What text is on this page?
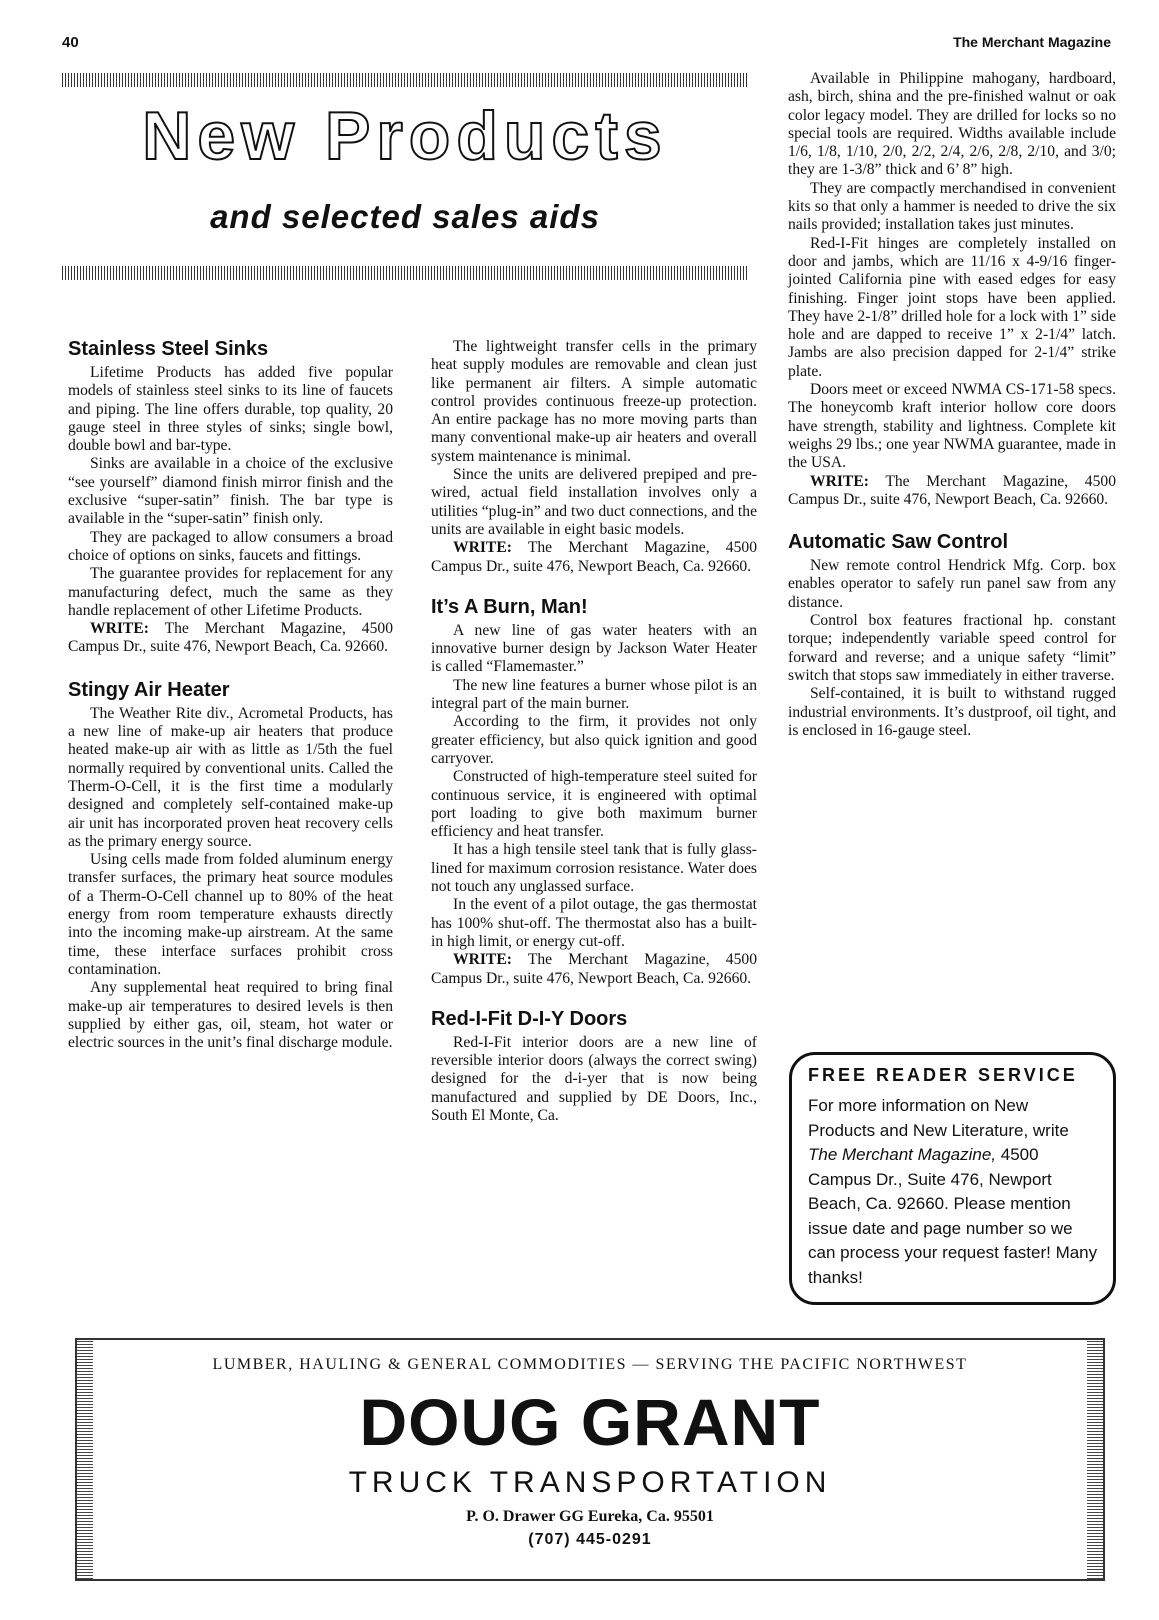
40	The Merchant Magazine
New Products
and selected sales aids
Stainless Steel Sinks

Lifetime Products has added five popular models of stainless steel sinks to its line of faucets and piping. The line offers durable, top quality, 20 gauge steel in three styles of sinks; single bowl, double bowl and bar-type.

Sinks are available in a choice of the exclusive “see yourself” diamond finish mirror finish and the exclusive “super-satin” finish. The bar type is available in the “super-satin” finish only.

They are packaged to allow consumers a broad choice of options on sinks, faucets and fittings.

The guarantee provides for replacement for any manufacturing defect, much the same as they handle replacement of other Lifetime Products.

WRITE: The Merchant Magazine, 4500 Campus Dr., suite 476, Newport Beach, Ca. 92660.

Stingy Air Heater

The Weather Rite div., Acrometal Products, has a new line of make-up air heaters that produce heated make-up air with as little as 1/5th the fuel normally required by conventional units. Called the Therm-O-Cell, it is the first time a modularly designed and completely self-contained make-up air unit has incorporated proven heat recovery cells as the primary energy source.

Using cells made from folded aluminum energy transfer surfaces, the primary heat source modules of a Therm-O-Cell channel up to 80% of the heat energy from room temperature exhausts directly into the incoming make-up airstream. At the same time, these interface surfaces prohibit cross contamination.

Any supplemental heat required to bring final make-up air temperatures to desired levels is then supplied by either gas, oil, steam, hot water or electric sources in the unit’s final discharge module.

The lightweight transfer cells in the primary heat supply modules are removable and clean just like permanent air filters. A simple automatic control provides continuous freeze-up protection. An entire package has no more moving parts than many conventional make-up air heaters and overall system maintenance is minimal.

Since the units are delivered prepiped and pre-wired, actual field installation involves only a utilities “plug-in” and two duct connections, and the units are available in eight basic models.

WRITE: The Merchant Magazine, 4500 Campus Dr., suite 476, Newport Beach, Ca. 92660.

It’s A Burn, Man!

A new line of gas water heaters with an innovative burner design by Jackson Water Heater is called “Flamemaster.”

The new line features a burner whose pilot is an integral part of the main burner.

According to the firm, it provides not only greater efficiency, but also quick ignition and good carryover.

Constructed of high-temperature steel suited for continuous service, it is engineered with optimal port loading to give both maximum burner efficiency and heat transfer.

It has a high tensile steel tank that is fully glass-lined for maximum corrosion resistance. Water does not touch any unglassed surface.

In the event of a pilot outage, the gas thermostat has 100% shut-off. The thermostat also has a built-in high limit, or energy cut-off.

WRITE: The Merchant Magazine, 4500 Campus Dr., suite 476, Newport Beach, Ca. 92660.

Red-I-Fit D-I-Y Doors

Red-I-Fit interior doors are a new line of reversible interior doors (always the correct swing) designed for the d-i-yer that is now being manufactured and supplied by DE Doors, Inc., South El Monte, Ca.

Available in Philippine mahogany, hardboard, ash, birch, shina and the pre-finished walnut or oak color legacy model. They are drilled for locks so no special tools are required. Widths available include 1/6, 1/8, 1/10, 2/0, 2/2, 2/4, 2/6, 2/8, 2/10, and 3/0; they are 1-3/8” thick and 6’ 8” high.

They are compactly merchandised in convenient kits so that only a hammer is needed to drive the six nails provided; installation takes just minutes.

Red-I-Fit hinges are completely installed on door and jambs, which are 11/16 x 4-9/16 finger-jointed California pine with eased edges for easy finishing. Finger joint stops have been applied. They have 2-1/8” drilled hole for a lock with 1” side hole and are dapped to receive 1” x 2-1/4” latch. Jambs are also precision dapped for 2-1/4” strike plate.

Doors meet or exceed NWMA CS-171-58 specs. The honeycomb kraft interior hollow core doors have strength, stability and lightness. Complete kit weighs 29 lbs.; one year NWMA guarantee, made in the USA.

WRITE: The Merchant Magazine, 4500 Campus Dr., suite 476, Newport Beach, Ca. 92660.

Automatic Saw Control

New remote control Hendrick Mfg. Corp. box enables operator to safely run panel saw from any distance.

Control box features fractional hp. constant torque; independently variable speed control for forward and reverse; and a unique safety “limit” switch that stops saw immediately in either traverse.

Self-contained, it is built to withstand rugged industrial environments. It’s dustproof, oil tight, and is enclosed in 16-gauge steel.

FREE READER SERVICE
For more information on New Products and New Literature, write The Merchant Magazine, 4500 Campus Dr., Suite 476, Newport Beach, Ca. 92660. Please mention issue date and page number so we can process your request faster! Many thanks!
LUMBER, HAULING & GENERAL COMMODITIES — SERVING THE PACIFIC NORTHWEST
DOUG GRANT
TRUCK TRANSPORTATION
P. O. Drawer GG Eureka, Ca. 95501
(707) 445-0291
